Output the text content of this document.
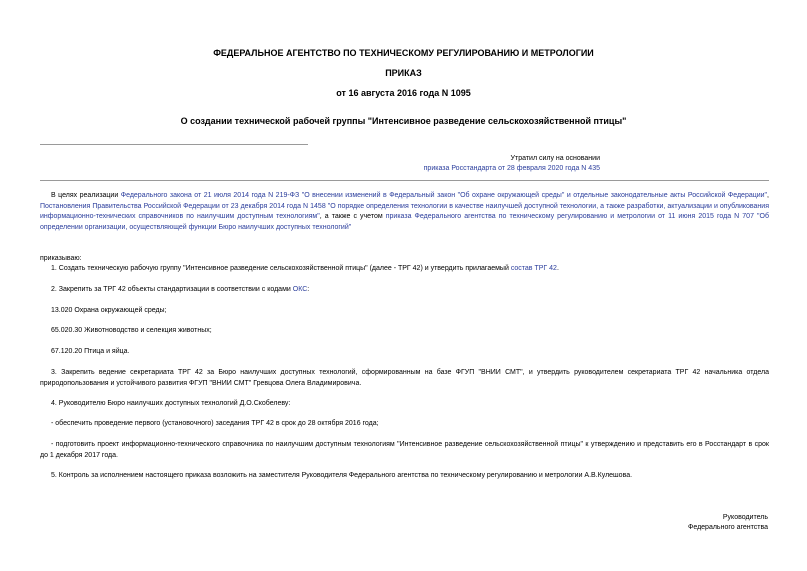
ФЕДЕРАЛЬНОЕ АГЕНТСТВО ПО ТЕХНИЧЕСКОМУ РЕГУЛИРОВАНИЮ И МЕТРОЛОГИИ
ПРИКАЗ
от 16 августа 2016 года N 1095
О создании технической рабочей группы "Интенсивное разведение сельскохозяйственной птицы"
Утратил силу на основании
приказа Росстандарта от 28 февраля 2020 года N 435
В целях реализации Федерального закона от 21 июля 2014 года N 219-ФЗ "О внесении изменений в Федеральный закон "Об охране окружающей среды" и отдельные законодательные акты Российской Федерации", Постановления Правительства Российской Федерации от 23 декабря 2014 года N 1458 "О порядке определения технологии в качестве наилучшей доступной технологии, а также разработки, актуализации и опубликования информационно-технических справочников по наилучшим доступным технологиям", а также с учетом приказа Федерального агентства по техническому регулированию и метрологии от 11 июня 2015 года N 707 "Об определении организации, осуществляющей функции Бюро наилучших доступных технологий"
приказываю:
1. Создать техническую рабочую группу "Интенсивное разведение сельскохозяйственной птицы" (далее - ТРГ 42) и утвердить прилагаемый состав ТРГ 42.
2. Закрепить за ТРГ 42 объекты стандартизации в соответствии с кодами ОКС:
13.020 Охрана окружающей среды;
65.020.30 Животноводство и селекция животных;
67.120.20 Птица и яйца.
3. Закрепить ведение секретариата ТРГ 42 за Бюро наилучших доступных технологий, сформированным на базе ФГУП "ВНИИ СМТ", и утвердить руководителем секретариата ТРГ 42 начальника отдела природопользования и устойчивого развития ФГУП "ВНИИ СМТ" Гревцова Олега Владимировича.
4. Руководителю Бюро наилучших доступных технологий Д.О.Скобелеву:
- обеспечить проведение первого (установочного) заседания ТРГ 42 в срок до 28 октября 2016 года;
- подготовить проект информационно-технического справочника по наилучшим доступным технологиям "Интенсивное разведение сельскохозяйственной птицы" к утверждению и представить его в Росстандарт в срок до 1 декабря 2017 года.
5. Контроль за исполнением настоящего приказа возложить на заместителя Руководителя Федерального агентства по техническому регулированию и метрологии А.В.Кулешова.
Руководитель
Федерального агентства
